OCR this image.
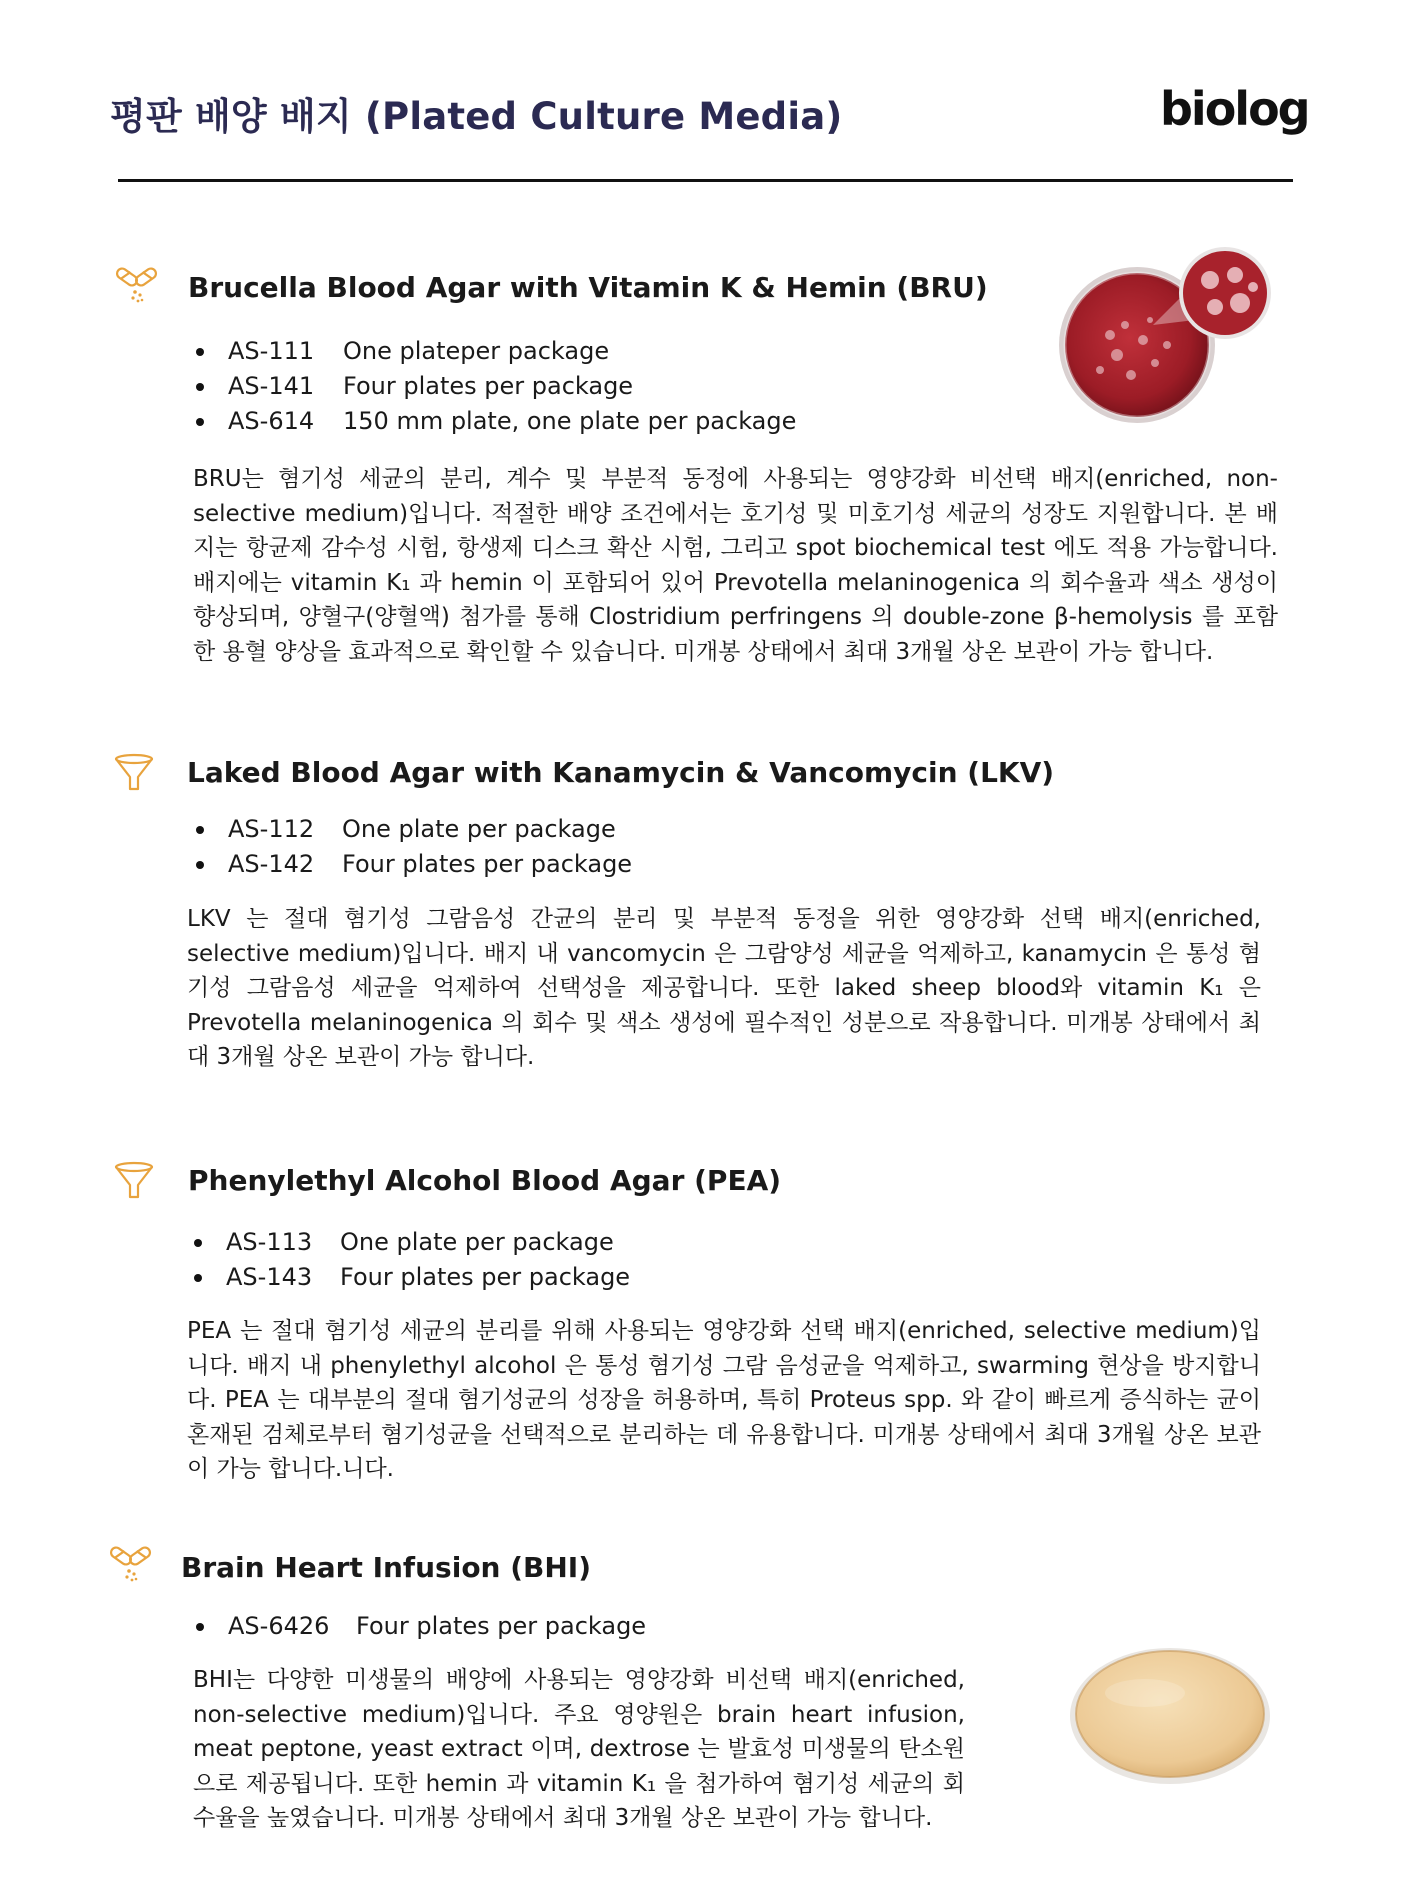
평판 배양 배지 (Plated Culture Media)	biolog
Brucella Blood Agar with Vitamin K & Hemin (BRU)
AS-111 One plateper package
AS-141 Four plates per package
AS-614 150 mm plate, one plate per package
BRU는 혐기성 세균의 분리, 계수 및 부분적 동정에 사용되는 영양강화 비선택 배지(enriched, non-selective medium)입니다. 적절한 배양 조건에서는 호기성 및 미호기성 세균의 성장도 지원합니다. 본 배지는 항균제 감수성 시험, 항생제 디스크 확산 시험, 그리고 spot biochemical test 에도 적용 가능합니다. 배지에는 vitamin K₁ 과 hemin 이 포함되어 있어 Prevotella melaninogenica 의 회수율과 색소 생성이 향상되며, 양혈구(양혈액) 첨가를 통해 Clostridium perfringens 의 double-zone β-hemolysis 를 포함한 용혈 양상을 효과적으로 확인할 수 있습니다. 미개봉 상태에서 최대 3개월 상온 보관이 가능 합니다.
Laked Blood Agar with Kanamycin & Vancomycin (LKV)
AS-112 One plate per package
AS-142 Four plates per package
LKV 는 절대 혐기성 그람음성 간균의 분리 및 부분적 동정을 위한 영양강화 선택 배지(enriched, selective medium)입니다. 배지 내 vancomycin 은 그람양성 세균을 억제하고, kanamycin 은 통성 혐기성 그람음성 세균을 억제하여 선택성을 제공합니다. 또한 laked sheep blood와 vitamin K₁ 은 Prevotella melaninogenica 의 회수 및 색소 생성에 필수적인 성분으로 작용합니다. 미개봉 상태에서 최대 3개월 상온 보관이 가능 합니다.
Phenylethyl Alcohol Blood Agar (PEA)
AS-113 One plate per package
AS-143 Four plates per package
PEA 는 절대 혐기성 세균의 분리를 위해 사용되는 영양강화 선택 배지(enriched, selective medium)입니다. 배지 내 phenylethyl alcohol 은 통성 혐기성 그람 음성균을 억제하고, swarming 현상을 방지합니다. PEA 는 대부분의 절대 혐기성균의 성장을 허용하며, 특히 Proteus spp. 와 같이 빠르게 증식하는 균이 혼재된 검체로부터 혐기성균을 선택적으로 분리하는 데 유용합니다. 미개봉 상태에서 최대 3개월 상온 보관이 가능 합니다.니다.
Brain Heart Infusion (BHI)
AS-6426 Four plates per package
BHI는 다양한 미생물의 배양에 사용되는 영양강화 비선택 배지(enriched, non-selective medium)입니다. 주요 영양원은 brain heart infusion, meat peptone, yeast extract 이며, dextrose 는 발효성 미생물의 탄소원으로 제공됩니다. 또한 hemin 과 vitamin K₁ 을 첨가하여 혐기성 세균의 회수율을 높였습니다. 미개봉 상태에서 최대 3개월 상온 보관이 가능 합니다.
